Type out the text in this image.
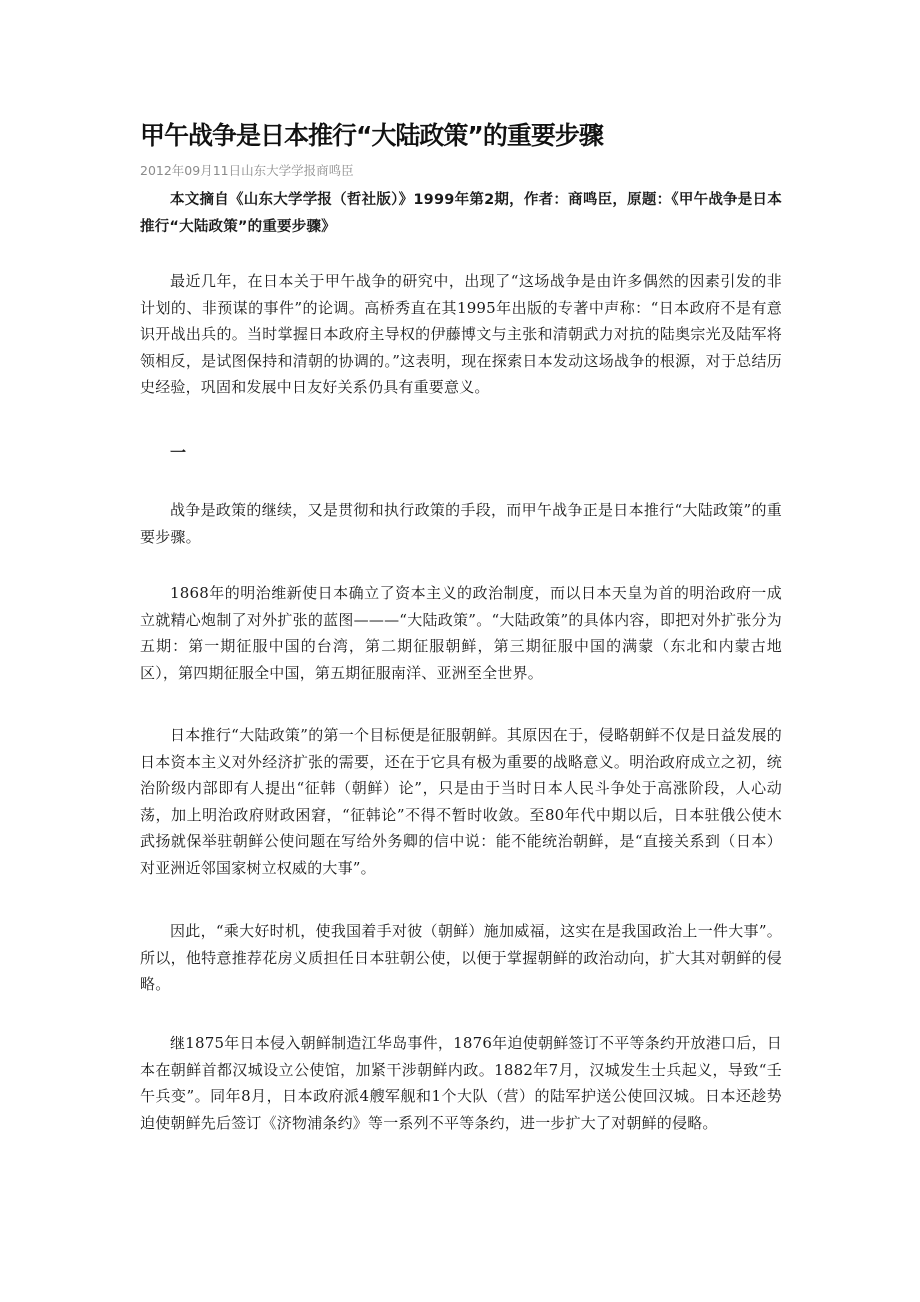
甲午战争是日本推行“大陆政策”的重要步骤
2012年09月11日山东大学学报商鸣臣

本文摘自《山东大学学报（哲社版）》1999年第2期，作者：商鸣臣，原题：《甲午战争是日本推行“大陆政策”的重要步骤》

最近几年，在日本关于甲午战争的研究中，出现了“这场战争是由许多偶然的因素引发的非计划的、非预谋的事件”的论调。高桥秀直在其1995年出版的专著中声称：“日本政府不是有意识开战出兵的。当时掌握日本政府主导权的伊藤博文与主张和清朝武力对抗的陆奥宗光及陆军将领相反，是试图保持和清朝的协调的。”这表明，现在探索日本发动这场战争的根源，对于总结历史经验，巩固和发展中日友好关系仍具有重要意义。

一

战争是政策的继续，又是贯彻和执行政策的手段，而甲午战争正是日本推行“大陆政策”的重要步骤。

1868年的明治维新使日本确立了资本主义的政治制度，而以日本天皇为首的明治政府一成立就精心炮制了对外扩张的蓝图———“大陆政策”。“大陆政策”的具体内容，即把对外扩张分为五期：第一期征服中国的台湾，第二期征服朝鲜，第三期征服中国的满蒙（东北和内蒙古地区），第四期征服全中国，第五期征服南洋、亚洲至全世界。

日本推行“大陆政策”的第一个目标便是征服朝鲜。其原因在于，侵略朝鲜不仅是日益发展的日本资本主义对外经济扩张的需要，还在于它具有极为重要的战略意义。明治政府成立之初，统治阶级内部即有人提出“征韩（朝鲜）论”，只是由于当时日本人民斗争处于高涨阶段，人心动荡，加上明治政府财政困窘，“征韩论”不得不暂时收敛。至80年代中期以后，日本驻俄公使木武扬就保举驻朝鲜公使问题在写给外务卿的信中说：能不能统治朝鲜，是“直接关系到（日本）对亚洲近邻国家树立权威的大事”。

因此，“乘大好时机，使我国着手对彼（朝鲜）施加威福，这实在是我国政治上一件大事”。所以，他特意推荐花房义质担任日本驻朝公使，以便于掌握朝鲜的政治动向，扩大其对朝鲜的侵略。

继1875年日本侵入朝鲜制造江华岛事件，1876年迫使朝鲜签订不平等条约开放港口后，日本在朝鲜首都汉城设立公使馆，加紧干涉朝鲜内政。1882年7月，汉城发生士兵起义，导致“壬午兵变”。同年8月，日本政府派4艘军舰和1个大队（营）的陆军护送公使回汉城。日本还趁势迫使朝鲜先后签订《济物浦条约》等一系列不平等条约，进一步扩大了对朝鲜的侵略。
